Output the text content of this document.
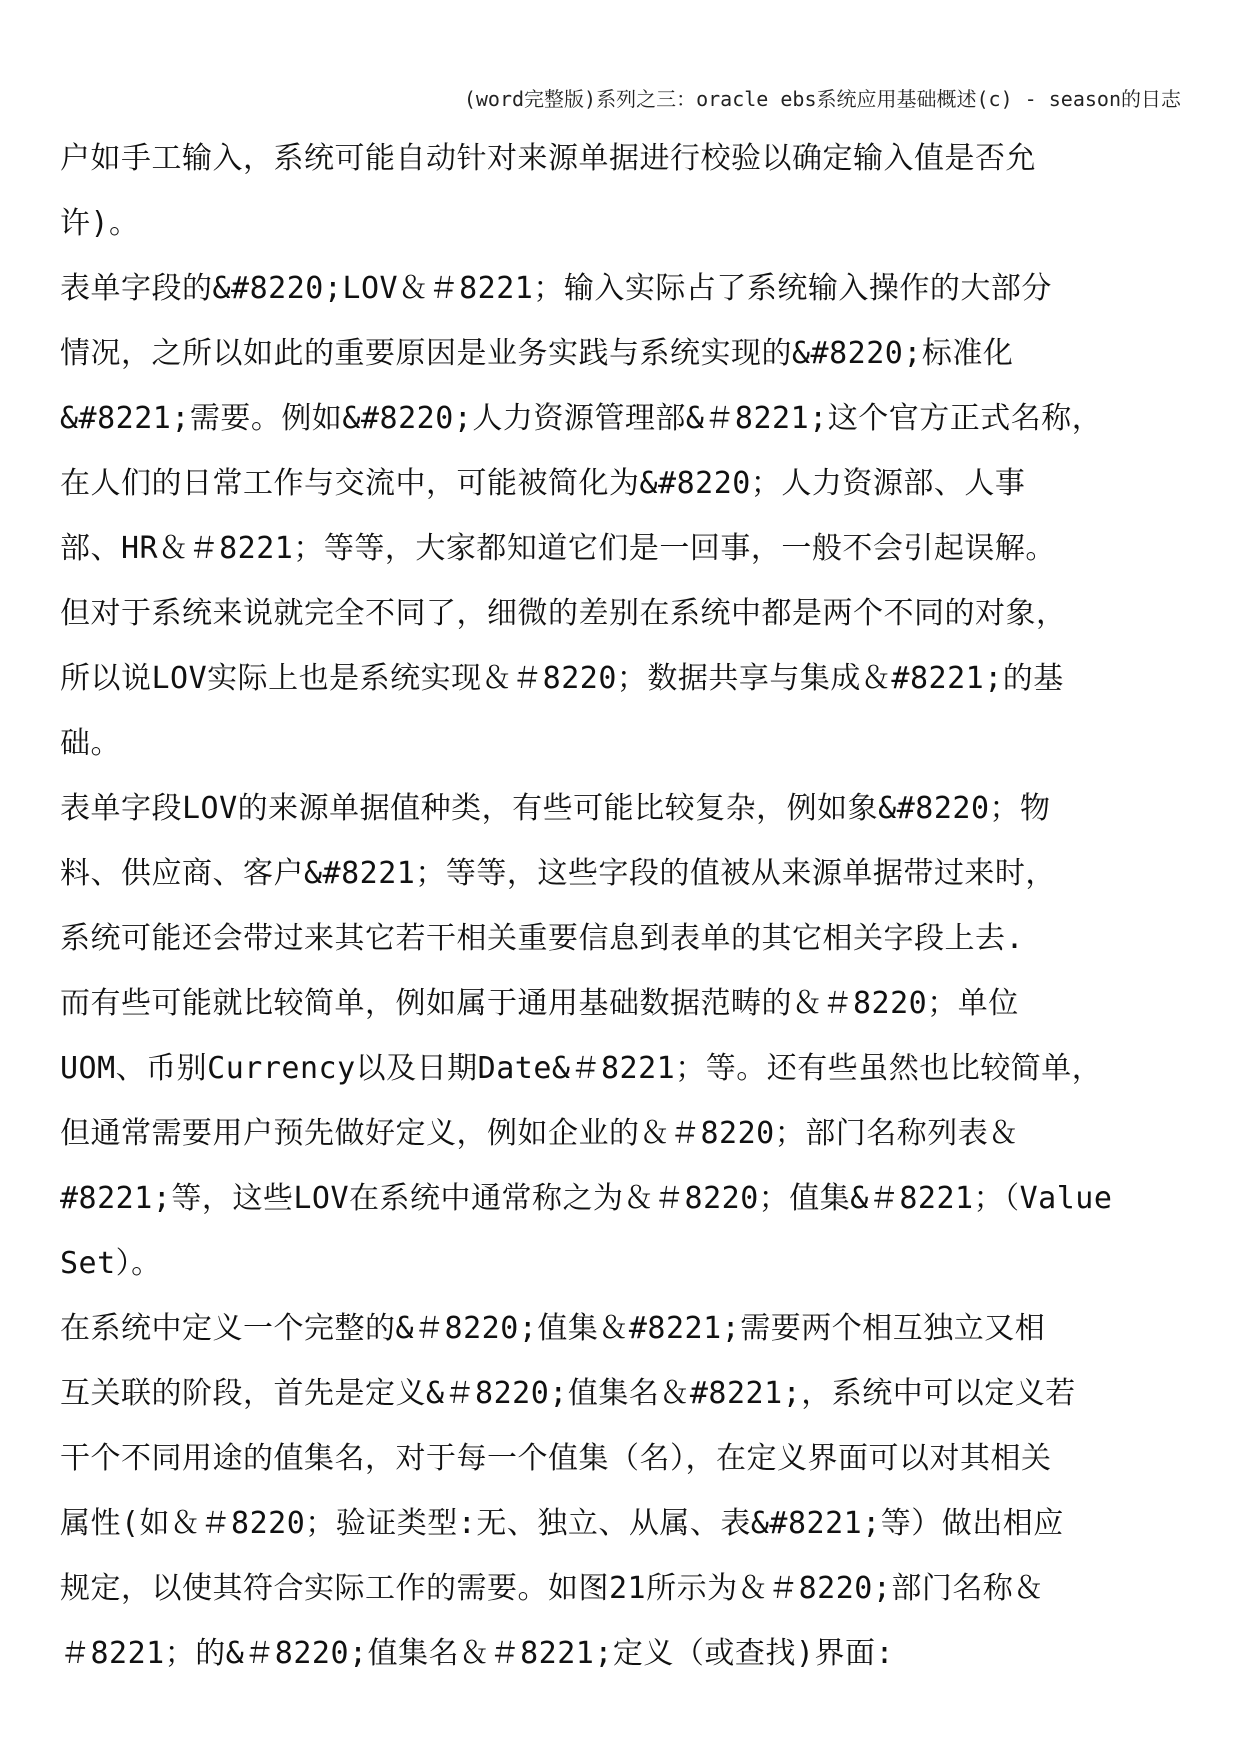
(word完整版)系列之三：oracle ebs系统应用基础概述(c) - season的日志
户如手工输入，系统可能自动针对来源单据进行校验以确定输入值是否允
许)。
表单字段的&#8220;LOV＆＃8221；输入实际占了系统输入操作的大部分
情况，之所以如此的重要原因是业务实践与系统实现的&#8220;标准化
&#8221;需要。例如&#8220;人力资源管理部&＃8221;这个官方正式名称，
在人们的日常工作与交流中，可能被简化为&#8220；人力资源部、人事
部、HR＆＃8221；等等，大家都知道它们是一回事，一般不会引起误解。
但对于系统来说就完全不同了，细微的差别在系统中都是两个不同的对象，
所以说LOV实际上也是系统实现＆＃8220；数据共享与集成＆#8221;的基
础。
表单字段LOV的来源单据值种类，有些可能比较复杂，例如象&#8220；物
料、供应商、客户&#8221；等等，这些字段的值被从来源单据带过来时，
系统可能还会带过来其它若干相关重要信息到表单的其它相关字段上去.
而有些可能就比较简单，例如属于通用基础数据范畴的＆＃8220；单位
UOM、币别Currency以及日期Date&＃8221；等。还有些虽然也比较简单，
但通常需要用户预先做好定义，例如企业的＆＃8220；部门名称列表＆
#8221;等，这些LOV在系统中通常称之为＆＃8220；值集&＃8221；（Value
Set）。
在系统中定义一个完整的&＃8220;值集＆#8221;需要两个相互独立又相
互关联的阶段，首先是定义&＃8220;值集名＆#8221;，系统中可以定义若
干个不同用途的值集名，对于每一个值集（名），在定义界面可以对其相关
属性(如＆＃8220；验证类型:无、独立、从属、表&#8221;等）做出相应
规定，以使其符合实际工作的需要。如图21所示为＆＃8220;部门名称＆
＃8221；的&＃8220;值集名＆＃8221;定义（或查找)界面:
